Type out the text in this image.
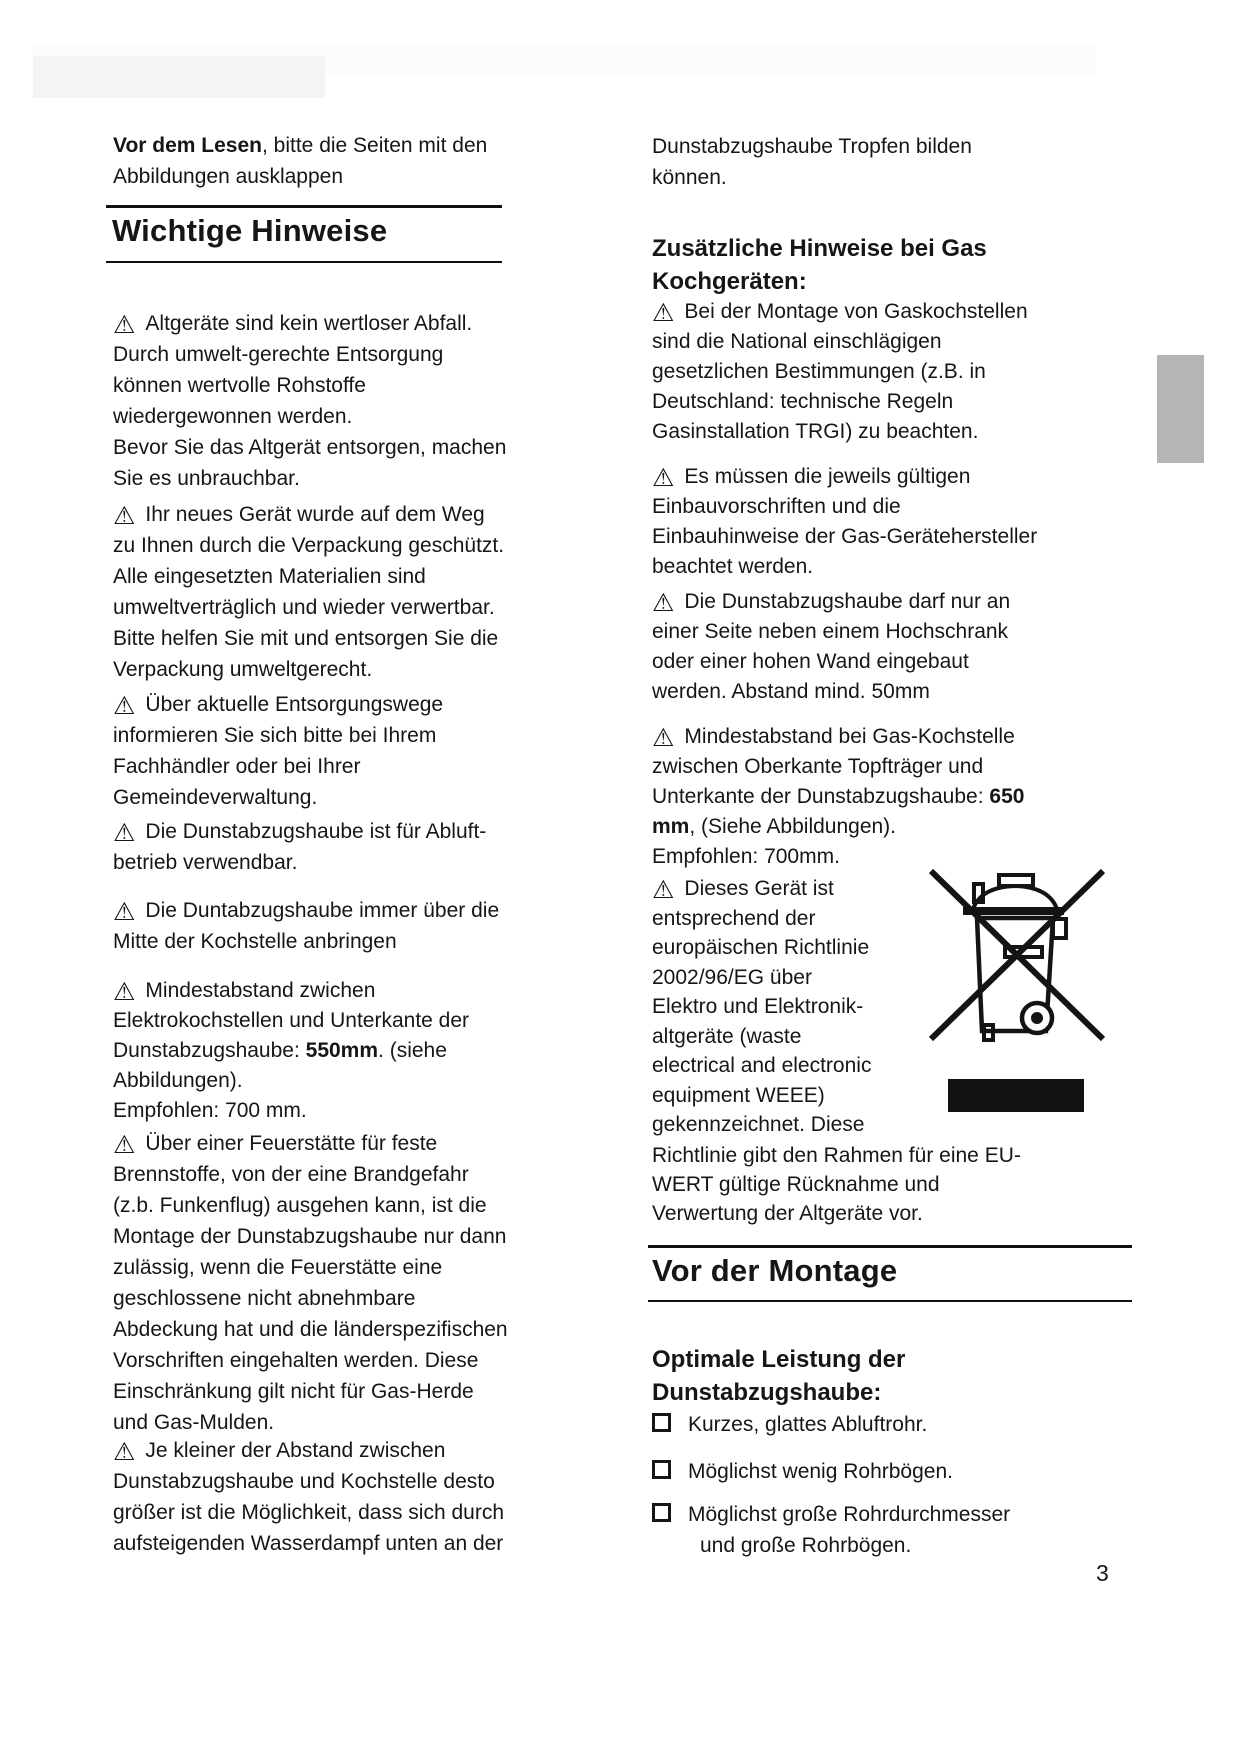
Vor dem Lesen, bitte die Seiten mit den
Abbildungen ausklappen
Wichtige Hinweise
⚠ Altgeräte sind kein wertloser Abfall.
Durch umwelt-gerechte Entsorgung
können wertvolle Rohstoffe
wiedergewonnen werden.
Bevor Sie das Altgerät entsorgen, machen
Sie es unbrauchbar.
⚠ Ihr neues Gerät wurde auf dem Weg
zu Ihnen durch die Verpackung geschützt.
Alle eingesetzten Materialien sind
umweltverträglich und wieder verwertbar.
Bitte helfen Sie mit und entsorgen Sie die
Verpackung umweltgerecht.
⚠ Über aktuelle Entsorgungswege
informieren Sie sich bitte bei Ihrem
Fachhändler oder bei Ihrer
Gemeindeverwaltung.
⚠ Die Dunstabzugshaube ist für Abluft-
betrieb verwendbar.
⚠ Die Duntabzugshaube immer über die
Mitte der Kochstelle anbringen
⚠ Mindestabstand zwichen
Elektrokochstellen und Unterkante der
Dunstabzugshaube: 550mm. (siehe
Abbildungen).
Empfohlen: 700 mm.
⚠ Über einer Feuerstätte für feste
Brennstoffe, von der eine Brandgefahr
(z.b. Funkenflug) ausgehen kann, ist die
Montage der Dunstabzugshaube nur dann
zulässig, wenn die Feuerstätte eine
geschlossene nicht abnehmbare
Abdeckung hat und die länderspezifischen
Vorschriften eingehalten werden. Diese
Einschränkung gilt nicht für Gas-Herde
und Gas-Mulden.
⚠ Je kleiner der Abstand zwischen
Dunstabzugshaube und Kochstelle desto
größer ist die Möglichkeit, dass sich durch
aufsteigenden Wasserdampf unten an der
Dunstabzugshaube Tropfen bilden
können.
Zusätzliche Hinweise bei Gas
Kochgeräten:
⚠ Bei der Montage von Gaskochstellen
sind die National einschlägigen
gesetzlichen Bestimmungen (z.B. in
Deutschland: technische Regeln
Gasinstallation TRGI) zu beachten.
⚠ Es müssen die jeweils gültigen
Einbauvorschriften und die
Einbauhinweise der Gas-Gerätehersteller
beachtet werden.
⚠ Die Dunstabzugshaube darf nur an
einer Seite neben einem Hochschrank
oder einer hohen Wand eingebaut
werden. Abstand mind. 50mm
⚠ Mindestabstand bei Gas-Kochstelle
zwischen Oberkante Topfträger und
Unterkante der Dunstabzugshaube: 650
mm, (Siehe Abbildungen).
Empfohlen: 700mm.
⚠ Dieses Gerät ist
entsprechend der
europäischen Richtlinie
2002/96/EG über
Elektro und Elektronik-
altgeräte (waste
electrical and electronic
equipment WEEE)
gekennzeichnet. Diese
Richtlinie gibt den Rahmen für eine EU-
WERT gültige Rücknahme und
Verwertung der Altgeräte vor.
Vor der Montage
Optimale Leistung der
Dunstabzugshaube:
Kurzes, glattes Abluftrohr.
Möglichst wenig Rohrbögen.
Möglichst große Rohrdurchmesser
und große Rohrbögen.
3
